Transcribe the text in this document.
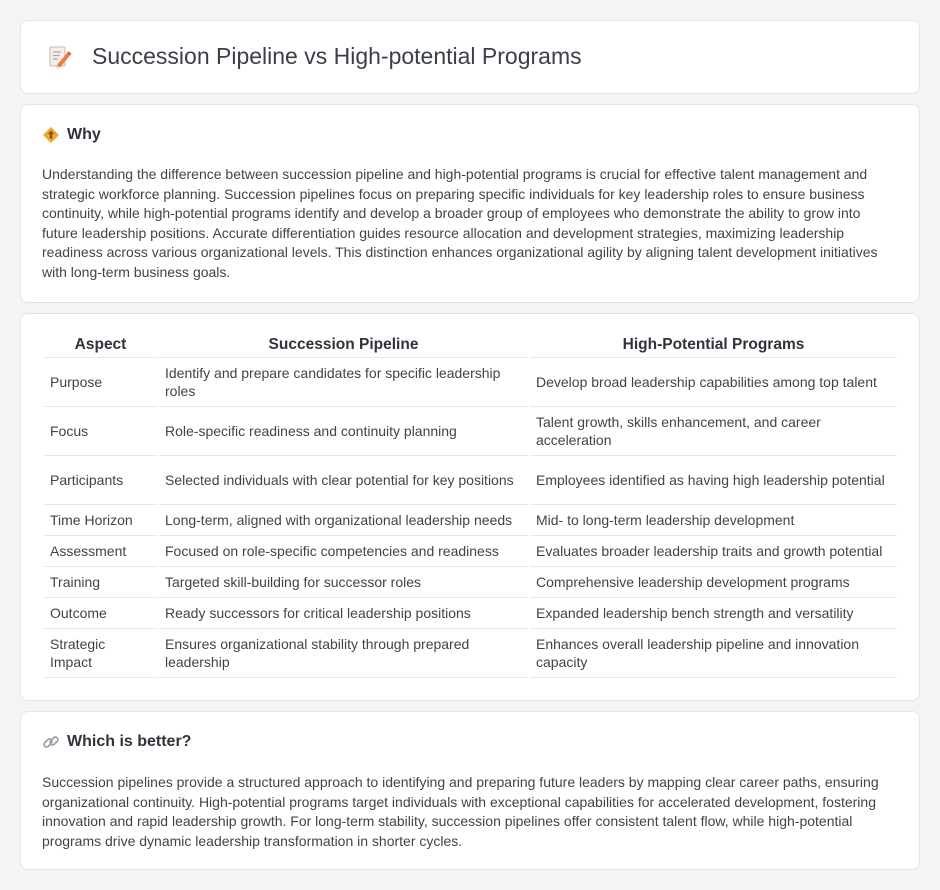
Succession Pipeline vs High-potential Programs
Why

Understanding the difference between succession pipeline and high-potential programs is crucial for effective talent management and strategic workforce planning. Succession pipelines focus on preparing specific individuals for key leadership roles to ensure business continuity, while high-potential programs identify and develop a broader group of employees who demonstrate the ability to grow into future leadership positions. Accurate differentiation guides resource allocation and development strategies, maximizing leadership readiness across various organizational levels. This distinction enhances organizational agility by aligning talent development initiatives with long-term business goals.

Aspect	Succession Pipeline	High-Potential Programs
Purpose	Identify and prepare candidates for specific leadership roles	Develop broad leadership capabilities among top talent
Focus	Role-specific readiness and continuity planning	Talent growth, skills enhancement, and career acceleration
Participants	Selected individuals with clear potential for key positions	Employees identified as having high leadership potential
Time Horizon	Long-term, aligned with organizational leadership needs	Mid- to long-term leadership development
Assessment	Focused on role-specific competencies and readiness	Evaluates broader leadership traits and growth potential
Training	Targeted skill-building for successor roles	Comprehensive leadership development programs
Outcome	Ready successors for critical leadership positions	Expanded leadership bench strength and versatility
Strategic Impact	Ensures organizational stability through prepared leadership	Enhances overall leadership pipeline and innovation capacity
Which is better?

Succession pipelines provide a structured approach to identifying and preparing future leaders by mapping clear career paths, ensuring organizational continuity. High-potential programs target individuals with exceptional capabilities for accelerated development, fostering innovation and rapid leadership growth. For long-term stability, succession pipelines offer consistent talent flow, while high-potential programs drive dynamic leadership transformation in shorter cycles.
